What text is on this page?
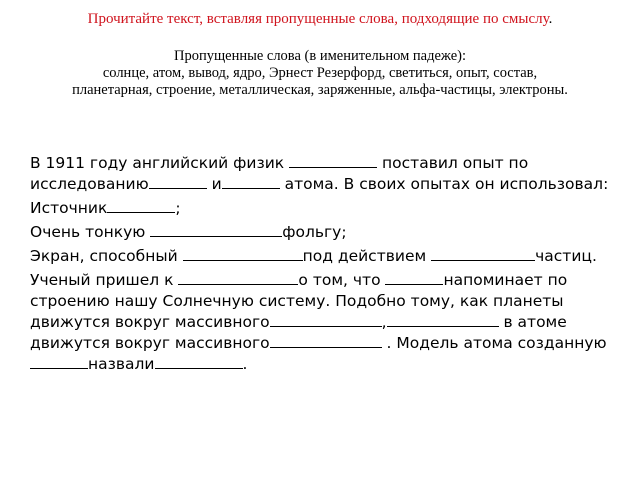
Прочитайте текст, вставляя пропущенные слова, подходящие по смыслу.

Пропущенные слова (в именительном падеже):
солнце, атом, вывод, ядро, Эрнест Резерфорд, светиться, опыт, состав,
планетарная, строение, металлическая, заряженные, альфа-частицы, электроны.

В 1911 году английский физик	поставил опыт по исследованию	и	атома. В своих опытах он использовал:

Источник	;

Очень тонкую	фольгу;

Экран, способный	под действием	частиц.

Ученый пришел к	о том, что	напоминает по строению нашу Солнечную систему. Подобно тому, как планеты движутся вокруг массивного	,	в атоме движутся вокруг массивного	. Модель атома созданную назвали	.
